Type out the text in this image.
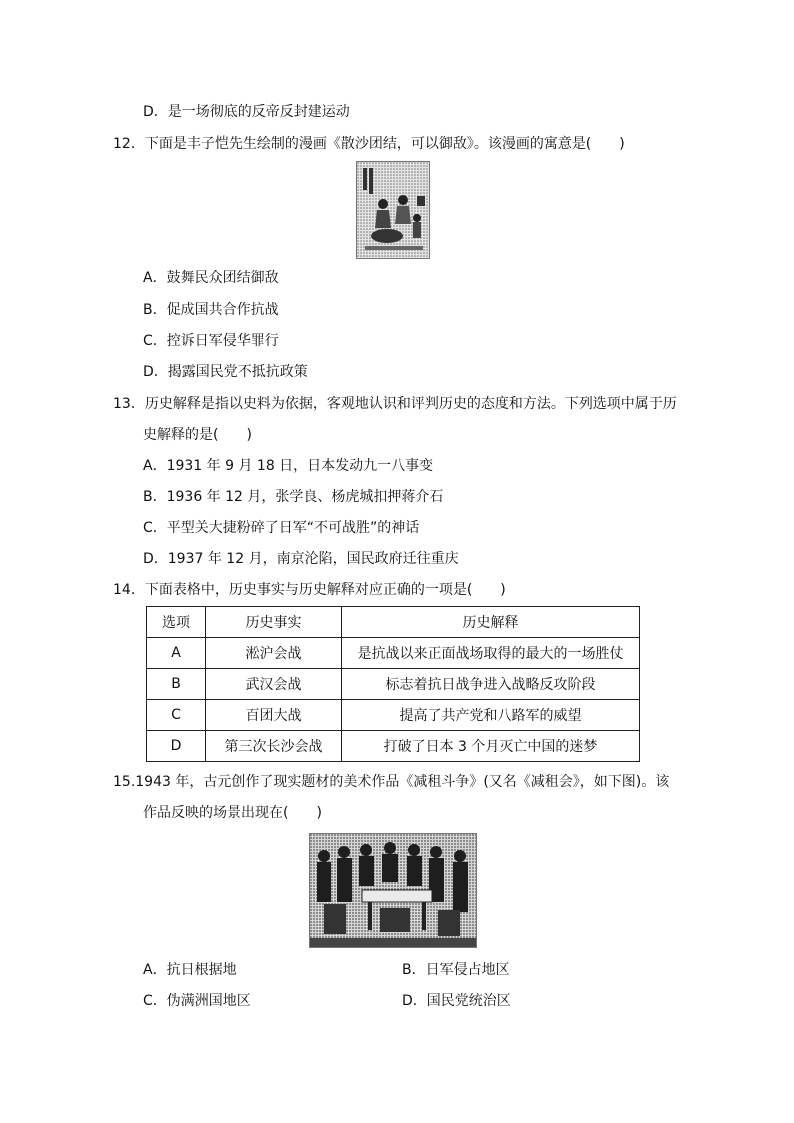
D．是一场彻底的反帝反封建运动
12．下面是丰子恺先生绘制的漫画《散沙团结，可以御敌》。该漫画的寓意是(　　)
A．鼓舞民众团结御敌
B．促成国共合作抗战
C．控诉日军侵华罪行
D．揭露国民党不抵抗政策
13．历史解释是指以史料为依据，客观地认识和评判历史的态度和方法。下列选项中属于历
史解释的是(　　)
A．1931 年 9 月 18 日，日本发动九一八事变
B．1936 年 12 月，张学良、杨虎城扣押蒋介石
C．平型关大捷粉碎了日军“不可战胜”的神话
D．1937 年 12 月，南京沦陷，国民政府迁往重庆
14．下面表格中，历史事实与历史解释对应正确的一项是(　　)
选项	历史事实	历史解释
A	淞沪会战	是抗战以来正面战场取得的最大的一场胜仗
B	武汉会战	标志着抗日战争进入战略反攻阶段
C	百团大战	提高了共产党和八路军的威望
D	第三次长沙会战	打破了日本 3 个月灭亡中国的迷梦
15.1943 年，古元创作了现实题材的美术作品《减租斗争》(又名《减租会》，如下图)。该
作品反映的场景出现在(　　)
A．抗日根据地	B．日军侵占地区
C．伪满洲国地区	D．国民党统治区
